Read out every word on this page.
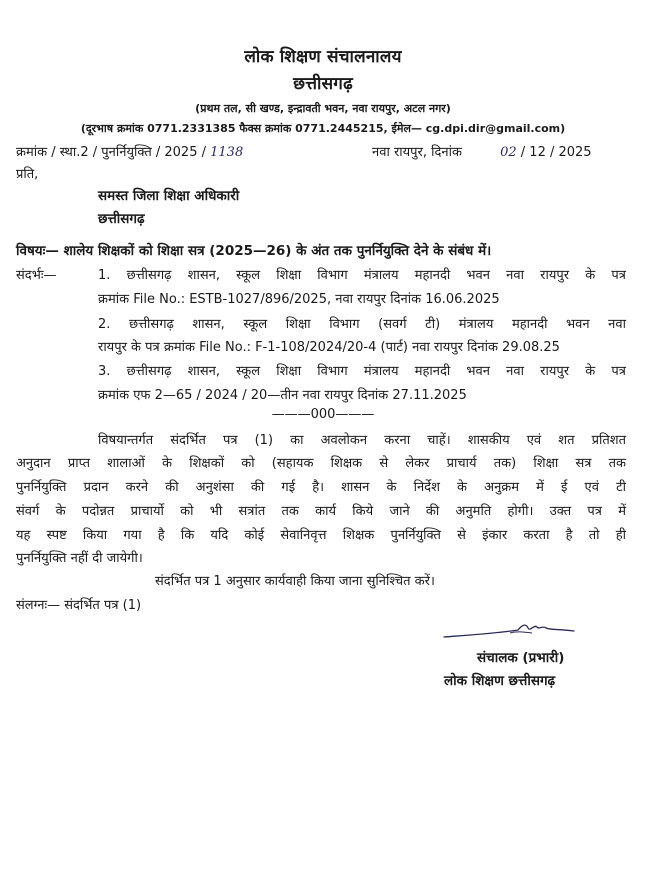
लोक शिक्षण संचालनालय
छत्तीसगढ़
(प्रथम तल, सी खण्ड, इन्द्रावती भवन, नवा रायपुर, अटल नगर)
(दूरभाष क्रमांक 0771.2331385 फैक्स क्रमांक 0771.2445215, ईमेल— cg.dpi.dir@gmail.com)
क्रमांक / स्था.2 / पुनर्नियुक्ति / 2025 / 1138	नवा रायपुर, दिनांक	02 / 12 / 2025
प्रति,
समस्त जिला शिक्षा अधिकारी
छत्तीसगढ़
विषयः— शालेय शिक्षकों को शिक्षा सत्र (2025—26) के अंत तक पुनर्नियुक्ति देने के संबंध में।
संदर्भः—	1. छत्तीसगढ़ शासन, स्कूल शिक्षा विभाग मंत्रालय महानदी भवन नवा रायपुर के पत्र
क्रमांक File No.: ESTB-1027/896/2025, नवा रायपुर दिनांक 16.06.2025
2. छत्तीसगढ़ शासन, स्कूल शिक्षा विभाग (सवर्ग टी) मंत्रालय महानदी भवन नवा
रायपुर के पत्र क्रमांक File No.: F-1-108/2024/20-4 (पार्ट) नवा रायपुर दिनांक 29.08.25
3. छत्तीसगढ़ शासन, स्कूल शिक्षा विभाग मंत्रालय महानदी भवन नवा रायपुर के पत्र
क्रमांक एफ 2—65 / 2024 / 20—तीन नवा रायपुर दिनांक 27.11.2025
———000———
विषयान्तर्गत संदर्भित पत्र (1) का अवलोकन करना चाहें। शासकीय एवं शत प्रतिशत
अनुदान प्राप्त शालाओं के शिक्षकों को (सहायक शिक्षक से लेकर प्राचार्य तक) शिक्षा सत्र तक
पुनर्नियुक्ति प्रदान करने की अनुशंसा की गई है। शासन के निर्देश के अनुक्रम में ई एवं टी
संवर्ग के पदोन्नत प्राचार्यो को भी सत्रांत तक कार्य किये जाने की अनुमति होगी। उक्त पत्र में
यह स्पष्ट किया गया है कि यदि कोई सेवानिवृत्त शिक्षक पुनर्नियुक्ति से इंकार करता है तो ही
पुनर्नियुक्ति नहीं दी जायेगी।
संदर्भित पत्र 1 अनुसार कार्यवाही किया जाना सुनिश्चित करें।
संलग्नः— संदर्भित पत्र (1)
संचालक (प्रभारी)
लोक शिक्षण छत्तीसगढ़
